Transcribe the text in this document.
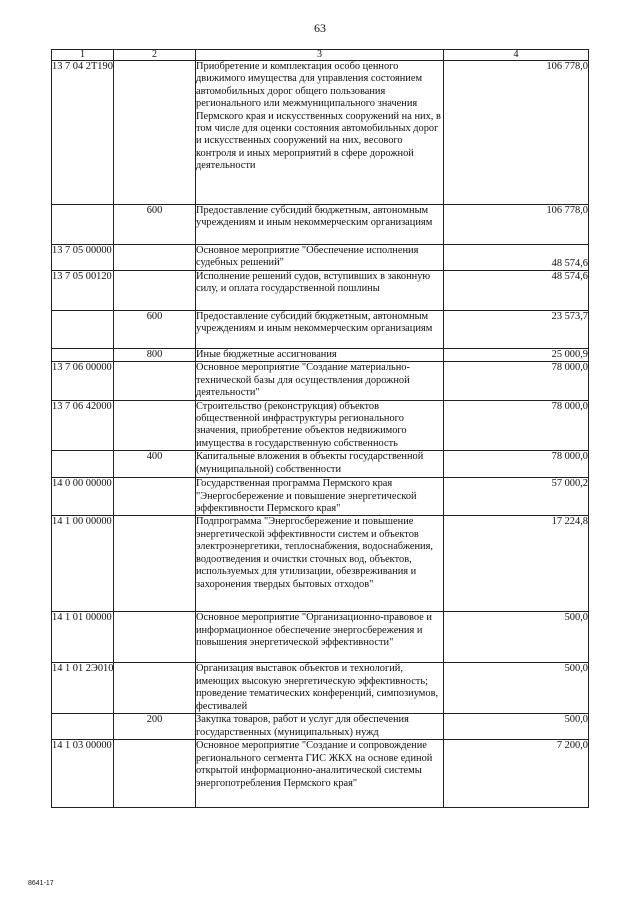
63
1	2	3	4
13 7 04 2Т190		Приобретение и комплектация особо ценного движимого имущества для управления состоянием автомобильных дорог общего пользования регионального или межмуниципального значения Пермского края и искусственных сооружений на них, в том числе для оценки состояния автомобильных дорог и искусственных сооружений на них, весового контроля и иных мероприятий в сфере дорожной деятельности	106 778,0
	600	Предоставление субсидий бюджетным, автономным учреждениям и иным некоммерческим организациям	106 778,0
13 7 05 00000		Основное мероприятие "Обеспечение исполнения судебных решений"	48 574,6
13 7 05 00120		Исполнение решений судов, вступивших в законную силу, и оплата государственной пошлины	48 574,6
	600	Предоставление субсидий бюджетным, автономным учреждениям и иным некоммерческим организациям	23 573,7
	800	Иные бюджетные ассигнования	25 000,9
13 7 06 00000		Основное мероприятие "Создание материально-технической базы для осуществления дорожной деятельности"	78 000,0
13 7 06 42000		Строительство (реконструкция) объектов общественной инфраструктуры регионального значения, приобретение объектов недвижимого имущества в государственную собственность	78 000,0
	400	Капитальные вложения в объекты государственной (муниципальной) собственности	78 000,0
14 0 00 00000		Государственная программа Пермского края "Энергосбережение и повышение энергетической эффективности Пермского края"	57 000,2
14 1 00 00000		Подпрограмма "Энергосбережение и повышение энергетической эффективности систем и объектов электроэнергетики, теплоснабжения, водоснабжения, водоотведения и очистки сточных вод, объектов, используемых для утилизации, обезвреживания и захоронения твердых бытовых отходов"	17 224,8
14 1 01 00000		Основное мероприятие "Организационно-правовое и информационное обеспечение энергосбережения и повышения энергетической эффективности"	500,0
14 1 01 2Э010		Организация выставок объектов и технологий, имеющих высокую энергетическую эффективность; проведение тематических конференций, симпозиумов, фестивалей	500,0
	200	Закупка товаров, работ и услуг для обеспечения государственных (муниципальных) нужд	500,0
14 1 03 00000		Основное мероприятие "Создание и сопровождение регионального сегмента ГИС ЖКХ на основе единой открытой информационно-аналитической системы энергопотребления Пермского края"	7 200,0
8641-17
